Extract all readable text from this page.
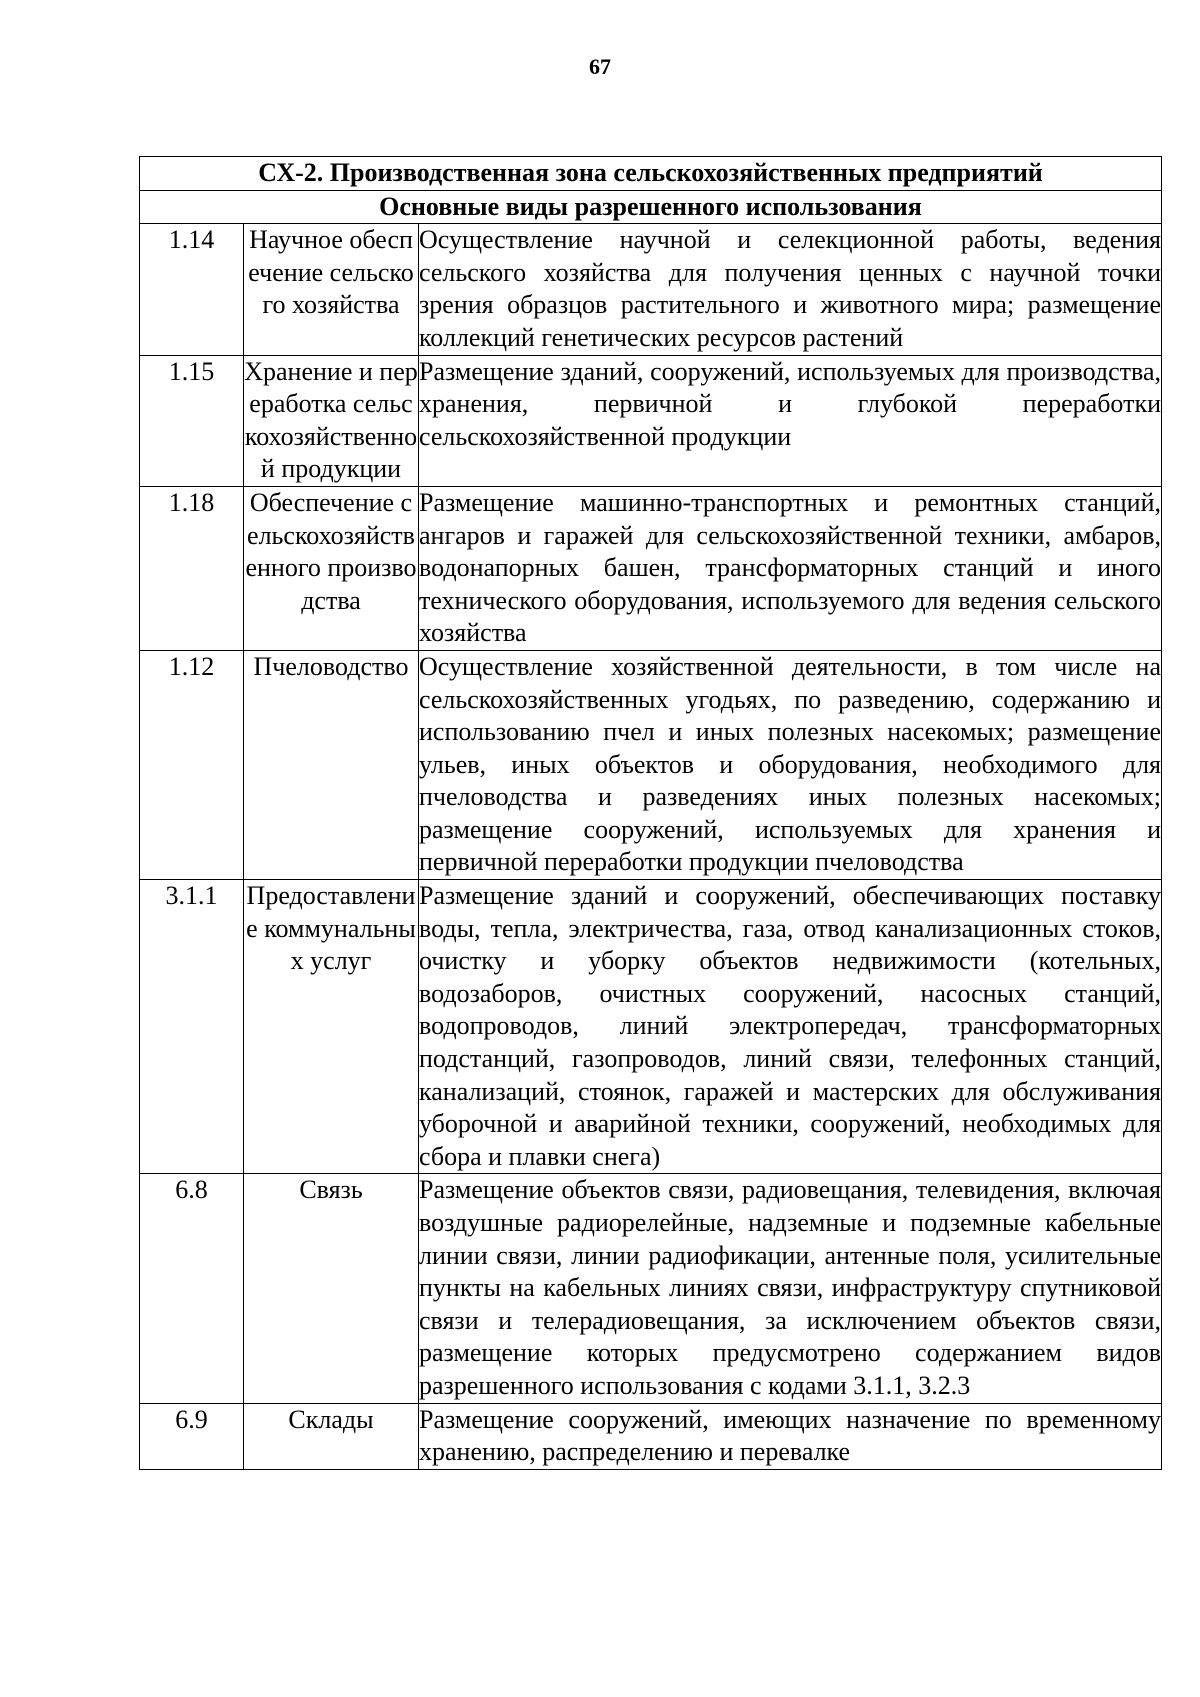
67
СХ-2. Производственная зона сельскохозяйственных предприятий		
Основные виды разрешенного использования		
1.14	Научное обеспечение сельского хозяйства	Осуществление научной и селекционной работы, ведения сельского хозяйства для получения ценных с научной точки зрения образцов растительного и животного мира; размещение коллекций генетических ресурсов растений
1.15	Хранение и переработка сельскохозяйственной продукции	Размещение зданий, сооружений, используемых для производства, хранения, первичной и глубокой переработки сельскохозяйственной продукции
1.18	Обеспечение сельскохозяйственного производства	Размещение машинно-транспортных и ремонтных станций, ангаров и гаражей для сельскохозяйственной техники, амбаров, водонапорных башен, трансформаторных станций и иного технического оборудования, используемого для ведения сельского хозяйства
1.12	Пчеловодство	Осуществление хозяйственной деятельности, в том числе на сельскохозяйственных угодьях, по разведению, содержанию и использованию пчел и иных полезных насекомых; размещение ульев, иных объектов и оборудования, необходимого для пчеловодства и разведениях иных полезных насекомых; размещение сооружений, используемых для хранения и первичной переработки продукции пчеловодства
3.1.1	Предоставление коммунальных услуг	Размещение зданий и сооружений, обеспечивающих поставку воды, тепла, электричества, газа, отвод канализационных стоков, очистку и уборку объектов недвижимости (котельных, водозаборов, очистных сооружений, насосных станций, водопроводов, линий электропередач, трансформаторных подстанций, газопроводов, линий связи, телефонных станций, канализаций, стоянок, гаражей и мастерских для обслуживания уборочной и аварийной техники, сооружений, необходимых для сбора и плавки снега)
6.8	Связь	Размещение объектов связи, радиовещания, телевидения, включая воздушные радиорелейные, надземные и подземные кабельные линии связи, линии радиофикации, антенные поля, усилительные пункты на кабельных линиях связи, инфраструктуру спутниковой связи и телерадиовещания, за исключением объектов связи, размещение которых предусмотрено содержанием видов разрешенного использования с кодами 3.1.1, 3.2.3
6.9	Склады	Размещение сооружений, имеющих назначение по временному хранению, распределению и перевалке
